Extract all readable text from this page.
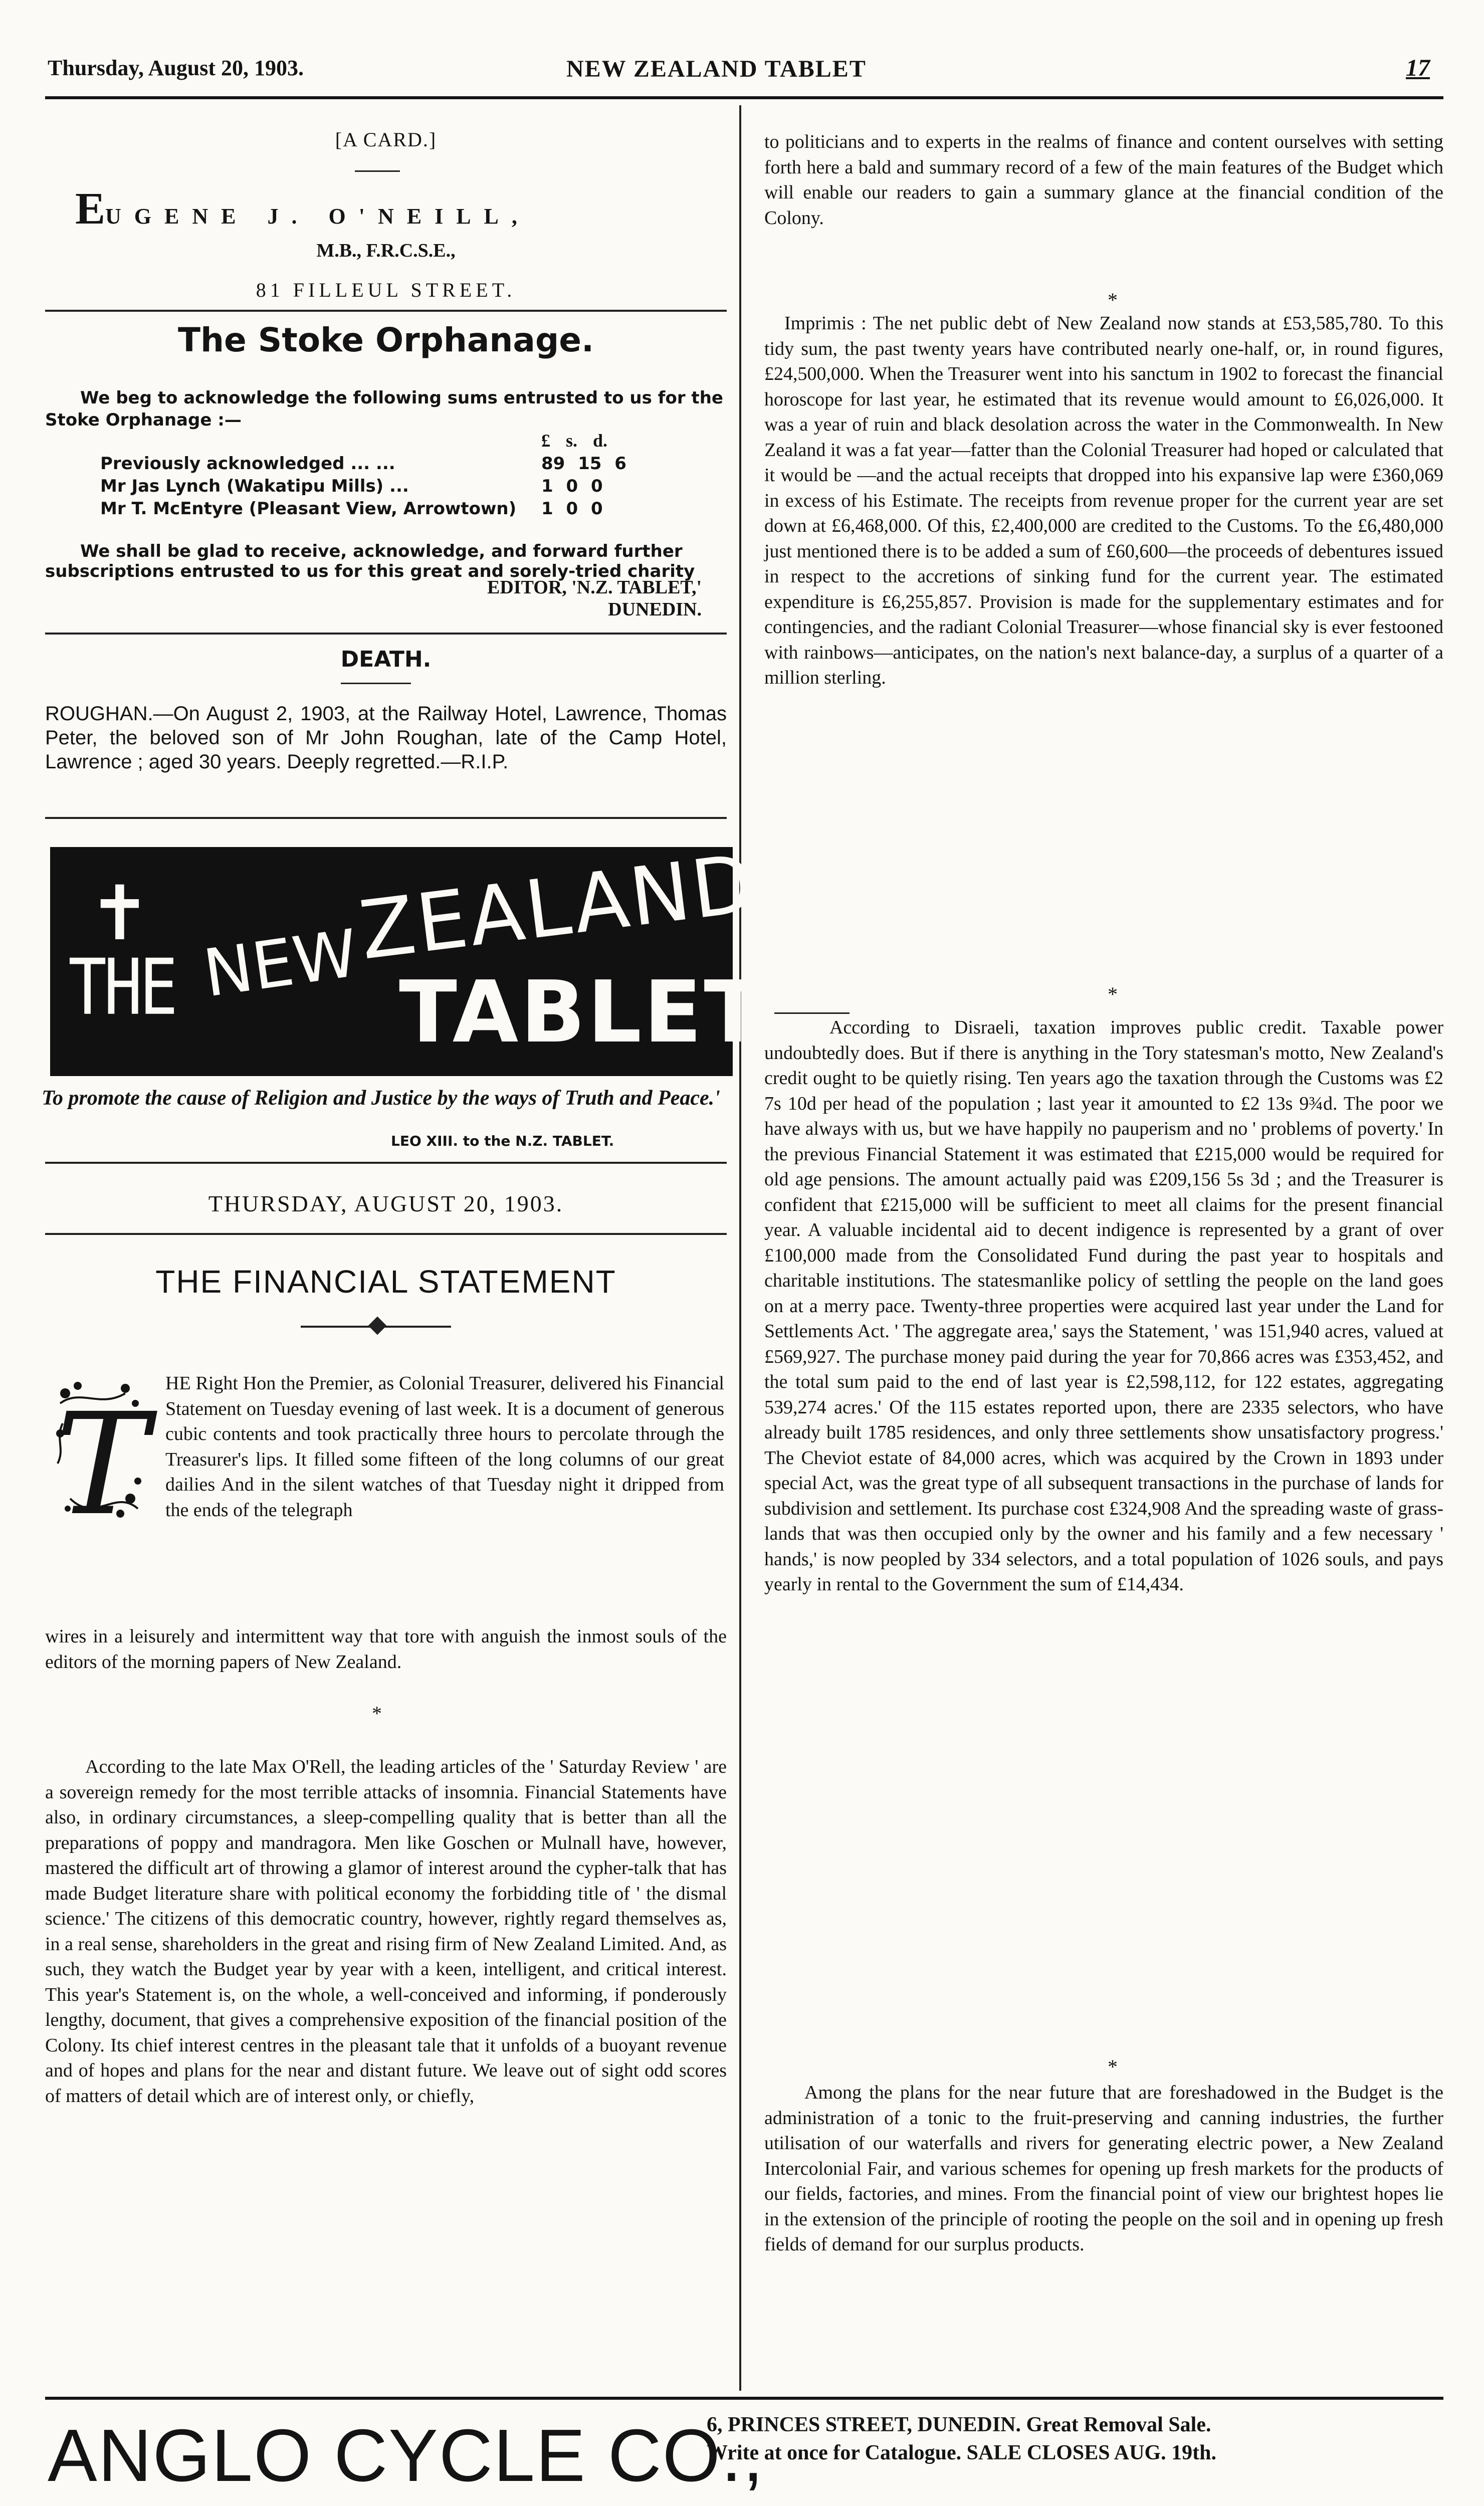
Thursday, August 20, 1903.	NEW ZEALAND TABLET	17
[A CARD.]
EUGENE J. O'NEILL,
M.B., F.R.C.S.E.,
81 FILLEUL STREET.
The Stoke Orphanage.
We beg to acknowledge the following sums entrusted to us for the Stoke Orphanage :—
£ s. d.
Previously acknowledged ... ...	89 15 6
Mr Jas Lynch (Wakatipu Mills) ...	1 0 0
Mr T. McEntyre (Pleasant View, Arrowtown) 1 0 0
We shall be glad to receive, acknowledge, and forward further subscriptions entrusted to us for this great and sorely-tried charity
EDITOR, 'N.Z. TABLET,'
DUNEDIN.
DEATH.
ROUGHAN.—On August 2, 1903, at the Railway Hotel, Lawrence, Thomas Peter, the beloved son of Mr John Roughan, late of the Camp Hotel, Lawrence ; aged 30 years. Deeply regretted.—R.I.P.
✝
THE NEW
ZEALAND
TABLET
To promote the cause of Religion and Justice by the ways of Truth and Peace.'
LEO XIII. to the N.Z. TABLET.
THURSDAY, AUGUST 20, 1903.
THE FINANCIAL STATEMENT
T HE Right Hon the Premier, as Colonial Treasurer, delivered his Financial Statement on Tuesday evening of last week. It is a document of generous cubic contents and took practically three hours to percolate through the Treasurer's lips. It filled some fifteen of the long columns of our great dailies And in the silent watches of that Tuesday night it dripped from the ends of the telegraph
wires in a leisurely and intermittent way that tore with anguish the inmost souls of the editors of the morning papers of New Zealand.
*
According to the late Max O'Rell, the leading articles of the ' Saturday Review ' are a sovereign remedy for the most terrible attacks of insomnia. Financial Statements have also, in ordinary circumstances, a sleep-compelling quality that is better than all the preparations of poppy and mandragora. Men like Goschen or Mulnall have, however, mastered the difficult art of throwing a glamor of interest around the cypher-talk that has made Budget literature share with political economy the forbidding title of ' the dismal science.' The citizens of this democratic country, however, rightly regard themselves as, in a real sense, shareholders in the great and rising firm of New Zealand Limited. And, as such, they watch the Budget year by year with a keen, intelligent, and critical interest. This year's Statement is, on the whole, a well-conceived and informing, if ponderously lengthy, document, that gives a comprehensive exposition of the financial position of the Colony. Its chief interest centres in the pleasant tale that it unfolds of a buoyant revenue and of hopes and plans for the near and distant future. We leave out of sight odd scores of matters of detail which are of interest only, or chiefly,
to politicians and to experts in the realms of finance and content ourselves with setting forth here a bald and summary record of a few of the main features of the Budget which will enable our readers to gain a summary glance at the financial condition of the Colony.
*
Imprimis : The net public debt of New Zealand now stands at £53,585,780. To this tidy sum, the past twenty years have contributed nearly one-half, or, in round figures, £24,500,000. When the Treasurer went into his sanctum in 1902 to forecast the financial horoscope for last year, he estimated that its revenue would amount to £6,026,000. It was a year of ruin and black desolation across the water in the Commonwealth. In New Zealand it was a fat year—fatter than the Colonial Treasurer had hoped or calculated that it would be —and the actual receipts that dropped into his expansive lap were £360,069 in excess of his Estimate. The receipts from revenue proper for the current year are set down at £6,468,000. Of this, £2,400,000 are credited to the Customs. To the £6,480,000 just mentioned there is to be added a sum of £60,600—the proceeds of debentures issued in respect to the accretions of sinking fund for the current year. The estimated expenditure is £6,255,857. Provision is made for the supplementary estimates and for contingencies, and the radiant Colonial Treasurer—whose financial sky is ever festooned with rainbows—anticipates, on the nation's next balance-day, a surplus of a quarter of a million sterling.
*
According to Disraeli, taxation improves public credit. Taxable power undoubtedly does. But if there is anything in the Tory statesman's motto, New Zealand's credit ought to be quietly rising. Ten years ago the taxation through the Customs was £2 7s 10d per head of the population ; last year it amounted to £2 13s 9¾d. The poor we have always with us, but we have happily no pauperism and no ' problems of poverty.' In the previous Financial Statement it was estimated that £215,000 would be required for old age pensions. The amount actually paid was £209,156 5s 3d ; and the Treasurer is confident that £215,000 will be sufficient to meet all claims for the present financial year. A valuable incidental aid to decent indigence is represented by a grant of over £100,000 made from the Consolidated Fund during the past year to hospitals and charitable institutions. The statesmanlike policy of settling the people on the land goes on at a merry pace. Twenty-three properties were acquired last year under the Land for Settlements Act. ' The aggregate area,' says the Statement, ' was 151,940 acres, valued at £569,927. The purchase money paid during the year for 70,866 acres was £353,452, and the total sum paid to the end of last year is £2,598,112, for 122 estates, aggregating 539,274 acres.' Of the 115 estates reported upon, there are 2335 selectors, who have already built 1785 residences, and only three settlements show unsatisfactory progress.' The Cheviot estate of 84,000 acres, which was acquired by the Crown in 1893 under special Act, was the great type of all subsequent transactions in the purchase of lands for subdivision and settlement. Its purchase cost £324,908 And the spreading waste of grass-lands that was then occupied only by the owner and his family and a few necessary ' hands,' is now peopled by 334 selectors, and a total population of 1026 souls, and pays yearly in rental to the Government the sum of £14,434.
*
Among the plans for the near future that are foreshadowed in the Budget is the administration of a tonic to the fruit-preserving and canning industries, the further utilisation of our waterfalls and rivers for generating electric power, a New Zealand Intercolonial Fair, and various schemes for opening up fresh markets for the products of our fields, factories, and mines. From the financial point of view our brightest hopes lie in the extension of the principle of rooting the people on the soil and in opening up fresh fields of demand for our surplus products.
ANGLO CYCLE CO.,
6, PRINCES STREET, DUNEDIN. Great Removal Sale.
Write at once for Catalogue. SALE CLOSES AUG. 19th.
